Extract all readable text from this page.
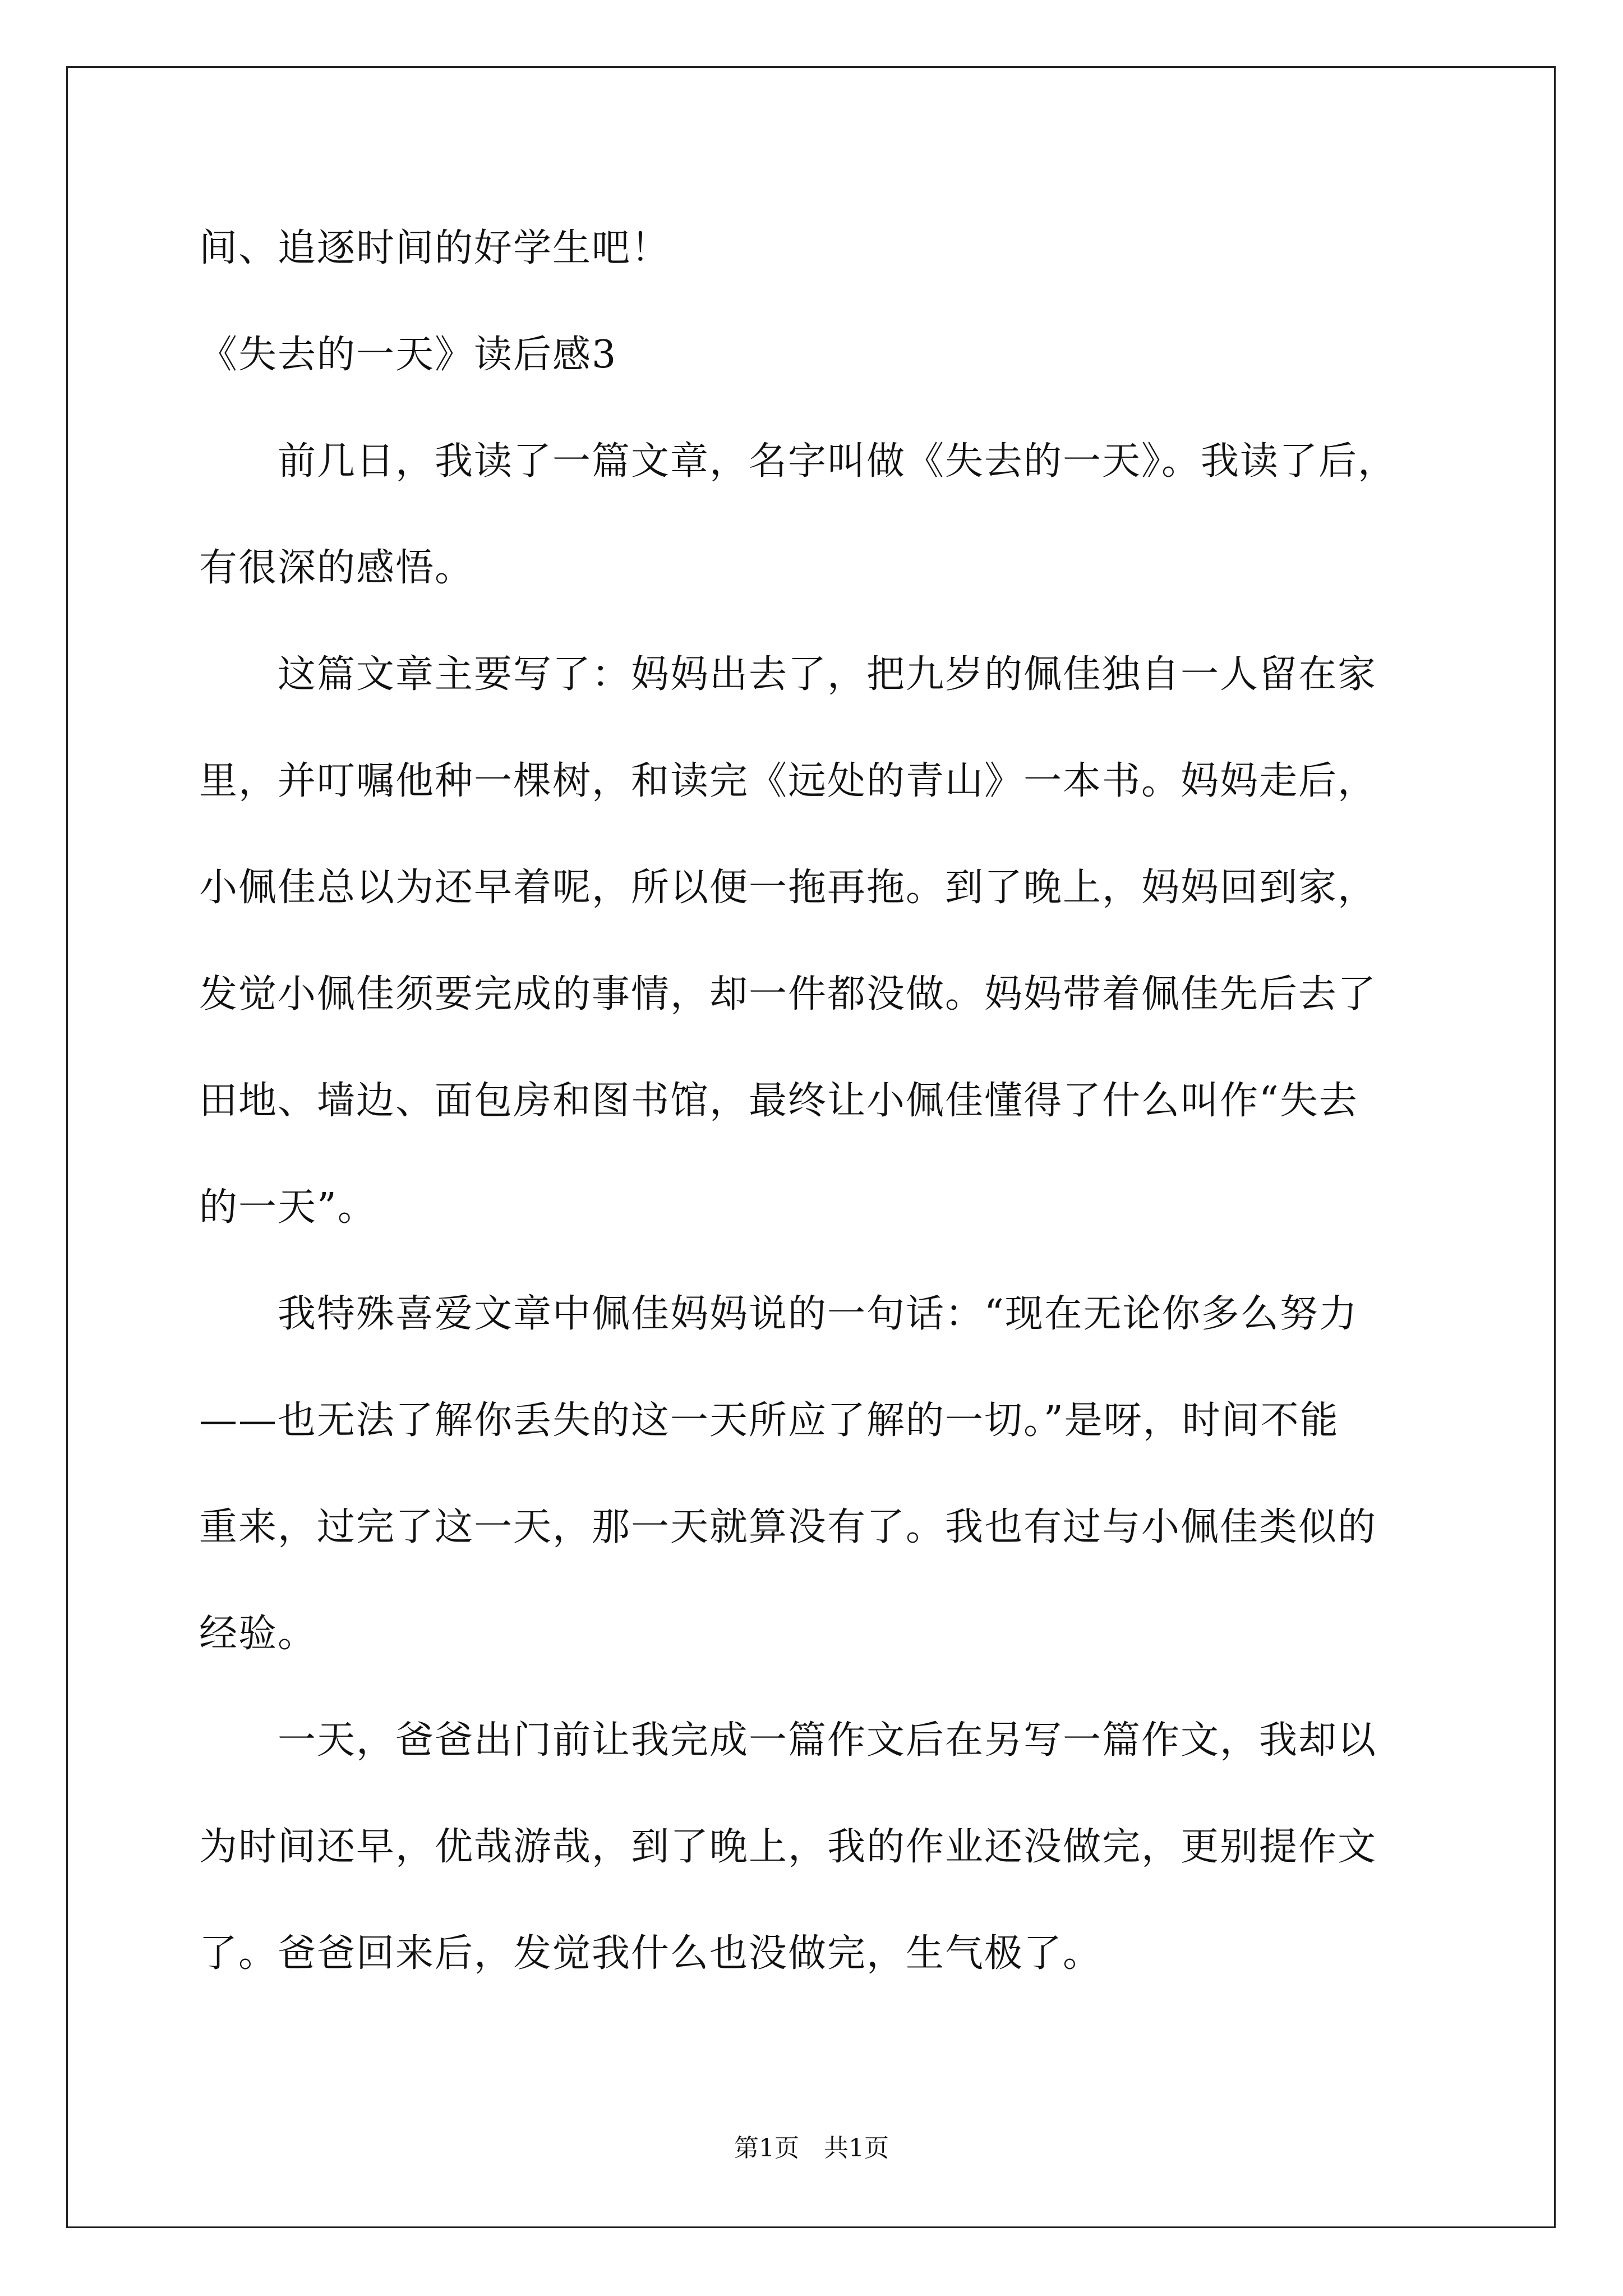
间、追逐时间的好学生吧！
《失去的一天》读后感3
　　前几日，我读了一篇文章，名字叫做《失去的一天》。我读了后，
有很深的感悟。
　　这篇文章主要写了：妈妈出去了，把九岁的佩佳独自一人留在家
里，并叮嘱他种一棵树，和读完《远处的青山》一本书。妈妈走后，
小佩佳总以为还早着呢，所以便一拖再拖。到了晚上，妈妈回到家，
发觉小佩佳须要完成的事情，却一件都没做。妈妈带着佩佳先后去了
田地、墙边、面包房和图书馆，最终让小佩佳懂得了什么叫作“失去
的一天”。
　　我特殊喜爱文章中佩佳妈妈说的一句话：“现在无论你多么努力
——也无法了解你丢失的这一天所应了解的一切。”是呀，时间不能
重来，过完了这一天，那一天就算没有了。我也有过与小佩佳类似的
经验。
　　一天，爸爸出门前让我完成一篇作文后在另写一篇作文，我却以
为时间还早，优哉游哉，到了晚上，我的作业还没做完，更别提作文
了。爸爸回来后，发觉我什么也没做完，生气极了。
第1页　共1页
